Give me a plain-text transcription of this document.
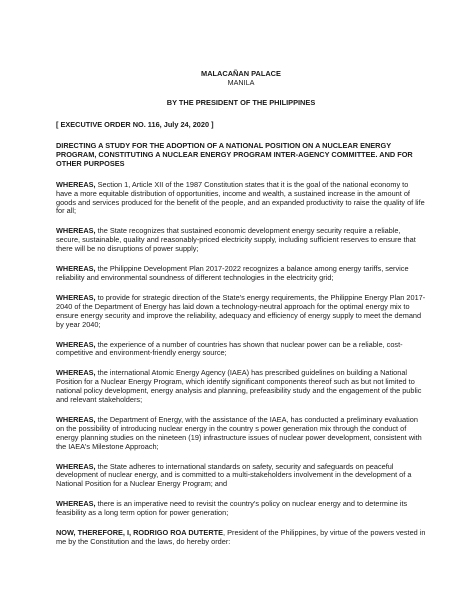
MALACAÑAN PALACE
MANILA
BY THE PRESIDENT OF THE PHILIPPINES
[ EXECUTIVE ORDER NO. 116, July 24, 2020 ]
DIRECTING A STUDY FOR THE ADOPTION OF A NATIONAL POSITION ON A NUCLEAR ENERGY PROGRAM, CONSTITUTING A NUCLEAR ENERGY PROGRAM INTER-AGENCY COMMITTEE. AND FOR OTHER PURPOSES

WHEREAS, Section 1, Article XII of the 1987 Constitution states that it is the goal of the national economy to have a more equitable distribution of opportunities, income and wealth, a sustained increase in the amount of goods and services produced for the benefit of the people, and an expanded productivity to raise the quality of life for all;

WHEREAS, the State recognizes that sustained economic development energy security require a reliable, secure, sustainable, quality and reasonably-priced electricity supply, including sufficient reserves to ensure that there will be no disruptions of power supply;

WHEREAS, the Philippine Development Plan 2017-2022 recognizes a balance among energy tariffs, service reliability and environmental soundness of different technologies in the electricity grid;

WHEREAS, to provide for strategic direction of the State's energy requirements, the Philippine Energy Plan 2017-2040 of the Department of Energy has laid down a technology-neutral approach for the optimal energy mix to ensure energy security and improve the reliability, adequacy and efficiency of energy supply to meet the demand by year 2040;

WHEREAS, the experience of a number of countries has shown that nuclear power can be a reliable, cost-competitive and environment-friendly energy source;

WHEREAS, the international Atomic Energy Agency (IAEA) has prescribed guidelines on building a National Position for a Nuclear Energy Program, which identify significant components thereof such as but not limited to national policy development, energy analysis and planning, prefeasibility study and the engagement of the public and relevant stakeholders;

WHEREAS, the Department of Energy, with the assistance of the IAEA, has conducted a preliminary evaluation on the possibility of introducing nuclear energy in the country s power generation mix through the conduct of energy planning studies on the nineteen (19) infrastructure issues of nuclear power development, consistent with the IAEA's Milestone Approach;

WHEREAS, the State adheres to international standards on safety, security and safeguards on peaceful development of nuclear energy, and is committed to a multi-stakeholders involvement in the development of a National Position for a Nuclear Energy Program; and

WHEREAS, there is an imperative need to revisit the country's policy on nuclear energy and to determine its feasibility as a long term option for power generation;

NOW, THEREFORE, I, RODRIGO ROA DUTERTE, President of the Philippines, by virtue of the powers vested in me by the Constitution and the laws, do hereby order:
